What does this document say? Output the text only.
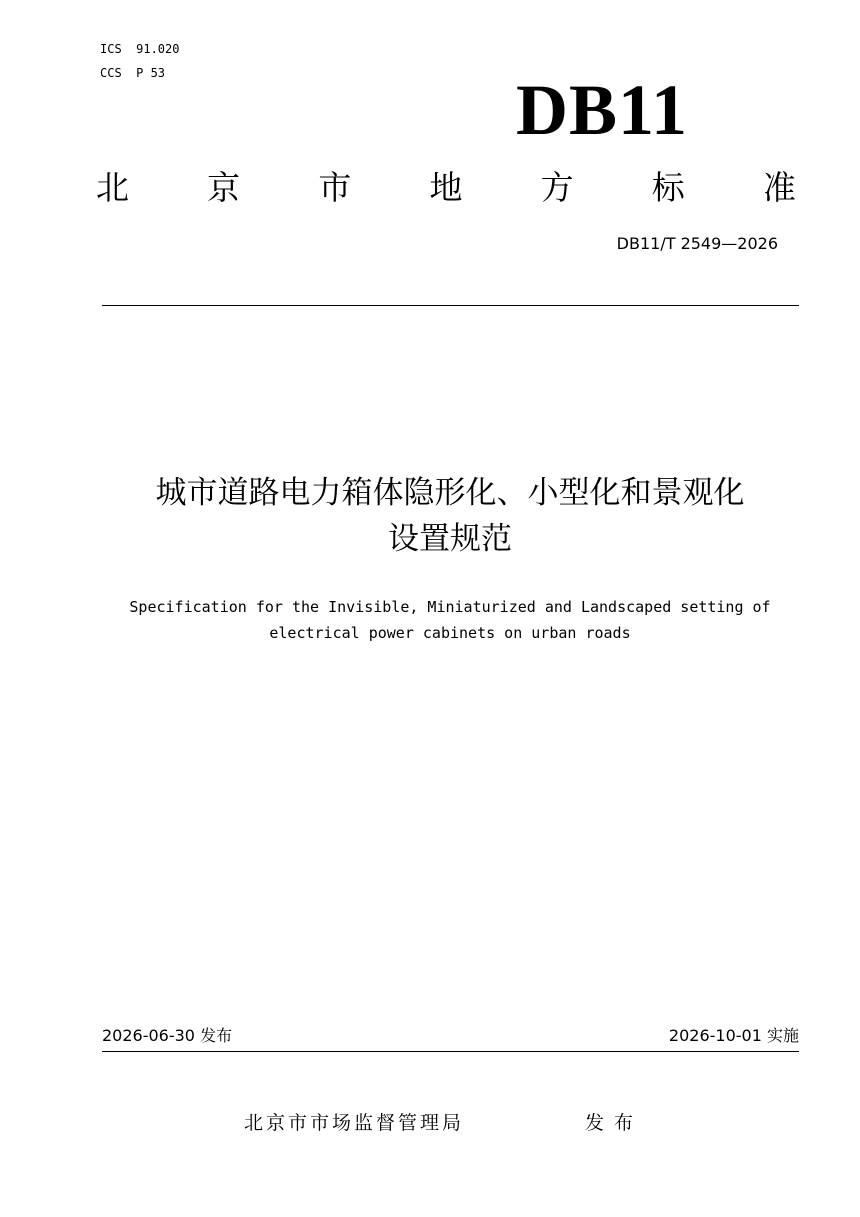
ICS  91.020
CCS  P 53	DB11
北 京 市 地 方 标 准
DB11/T 2549—2026
城市道路电力箱体隐形化、小型化和景观化
设置规范
Specification for the Invisible, Miniaturized and Landscaped setting of
electrical power cabinets on urban roads
2026-06-30 发布	2026-10-01 实施
北京市市场监督管理局	发布
